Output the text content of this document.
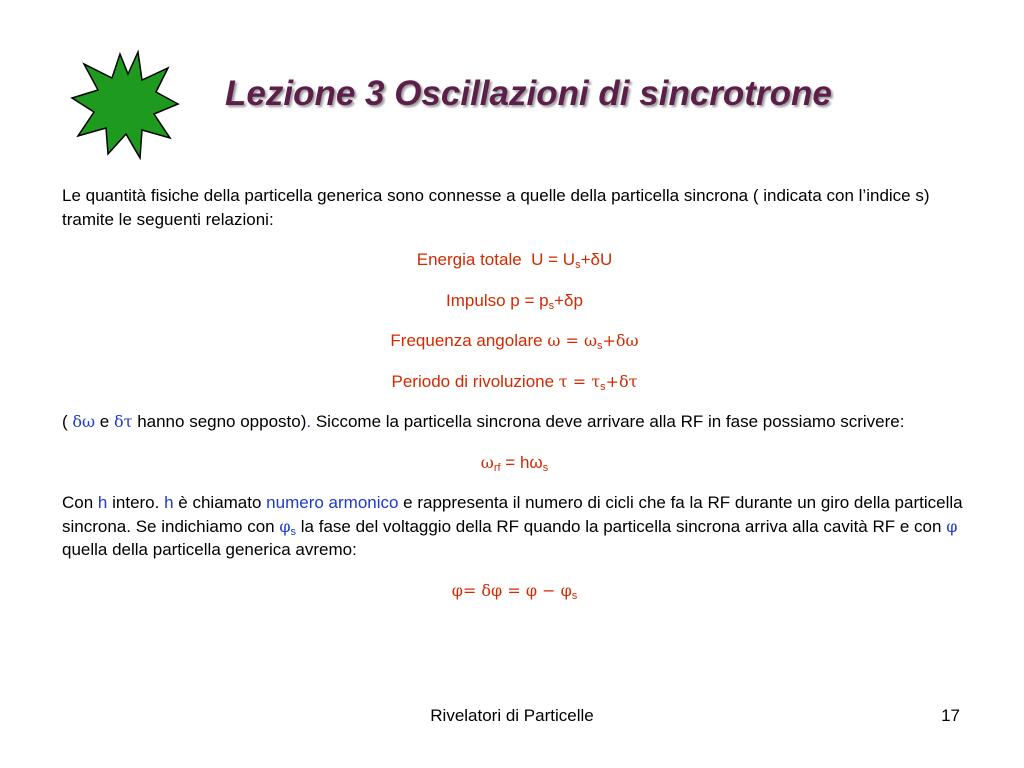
Lezione 3 Oscillazioni di sincrotrone

Le quantità fisiche della particella generica sono connesse a quelle della particella sincrona ( indicata con l’indice s) tramite le seguenti relazioni:

Energia totale $U = U_s+\delta U$

Impulso $p = p_s+\delta p$

Frequenza angolare $\omega = \omega_s+\delta\omega$

Periodo di rivoluzione $\tau = \tau_s+\delta\tau$

( δω e δτ hanno segno opposto). Siccome la particella sincrona deve arrivare alla RF in fase possiamo scrivere:

$\omega_{rf} = h\omega_s$

Con h intero. h è chiamato numero armonico e rappresenta il numero di cicli che fa la RF durante un giro della particella sincrona. Se indichiamo con $\varphi_s$ la fase del voltaggio della RF quando la particella sincrona arriva alla cavità RF e con φ quella della particella generica avremo:

$\varphi= \delta\varphi = \varphi - \varphi_s$

Rivelatori di Particelle	17
